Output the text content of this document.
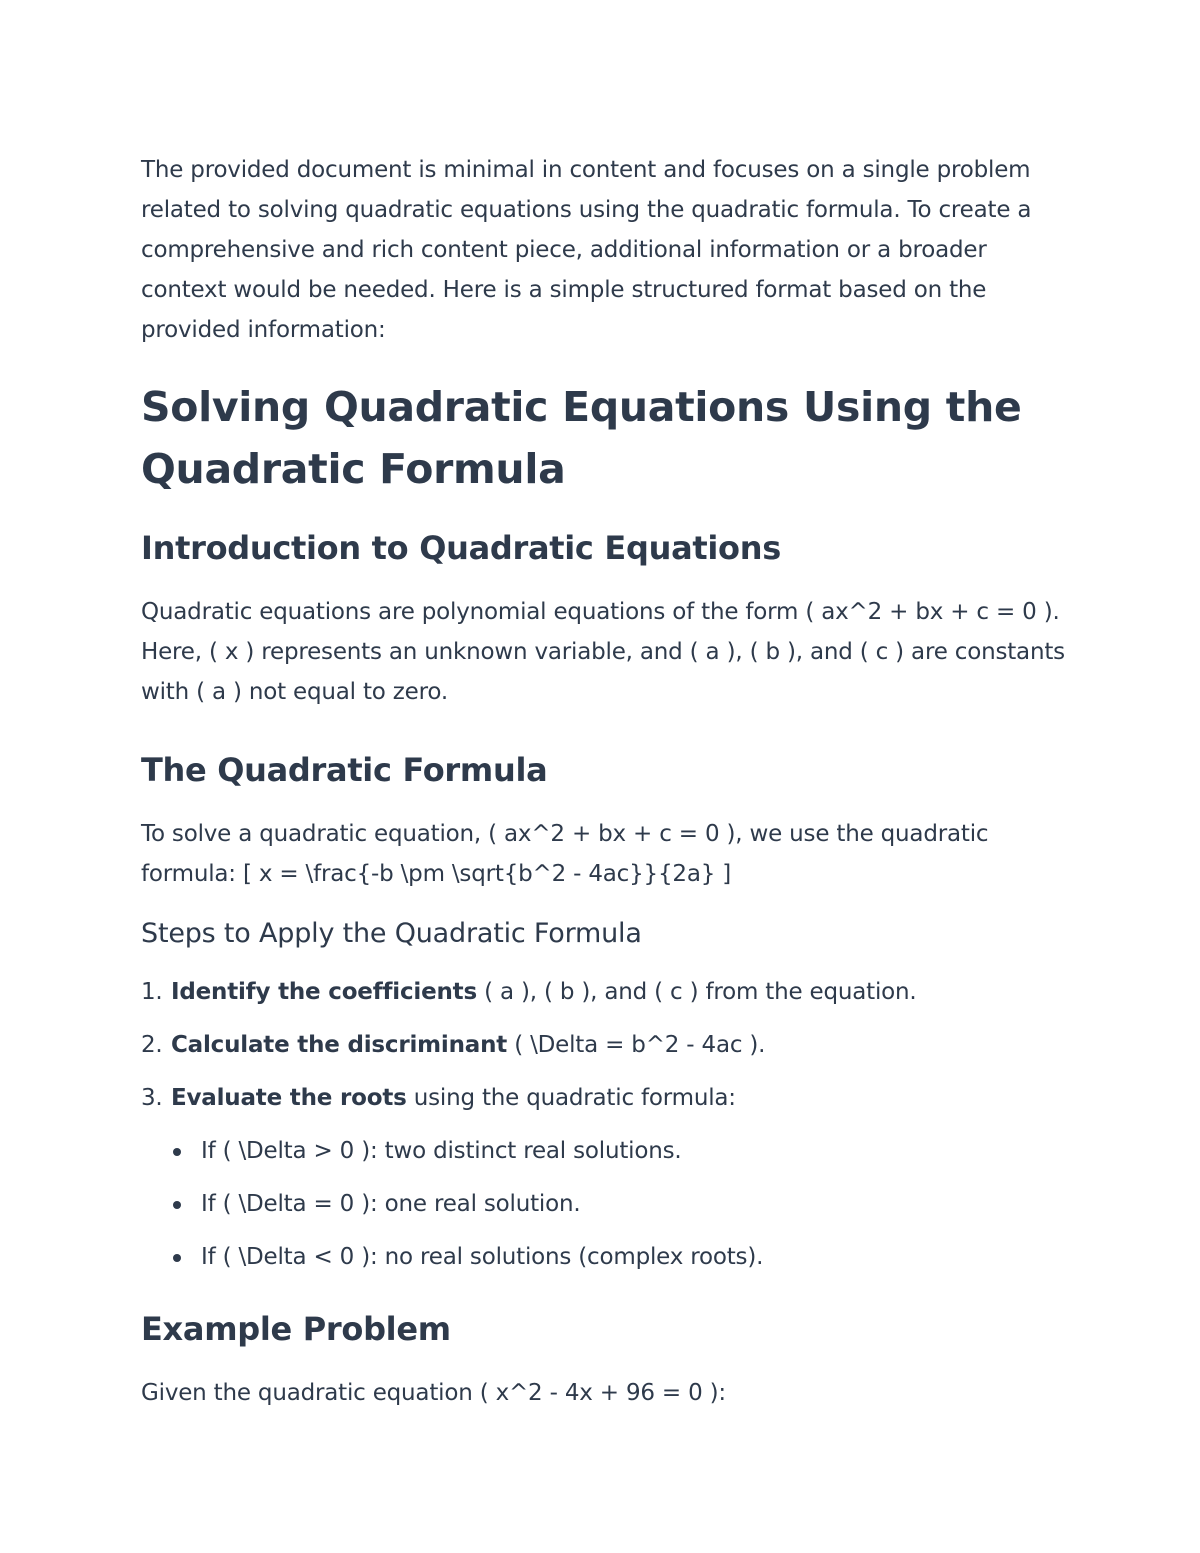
The provided document is minimal in content and focuses on a single problem related to solving quadratic equations using the quadratic formula. To create a comprehensive and rich content piece, additional information or a broader context would be needed. Here is a simple structured format based on the provided information:

Solving Quadratic Equations Using the Quadratic Formula
Introduction to Quadratic Equations

Quadratic equations are polynomial equations of the form ( ax^2 + bx + c = 0 ). Here, ( x ) represents an unknown variable, and ( a ), ( b ), and ( c ) are constants with ( a ) not equal to zero.

The Quadratic Formula

To solve a quadratic equation, ( ax^2 + bx + c = 0 ), we use the quadratic formula: [ x = \frac{-b \pm \sqrt{b^2 - 4ac}}{2a} ]

Steps to Apply the Quadratic Formula
1. Identify the coefficients ( a ), ( b ), and ( c ) from the equation.
2. Calculate the discriminant ( \Delta = b^2 - 4ac ).
3. Evaluate the roots using the quadratic formula:
If ( \Delta > 0 ): two distinct real solutions.
If ( \Delta = 0 ): one real solution.
If ( \Delta < 0 ): no real solutions (complex roots).
Example Problem

Given the quadratic equation ( x^2 - 4x + 96 = 0 ):
